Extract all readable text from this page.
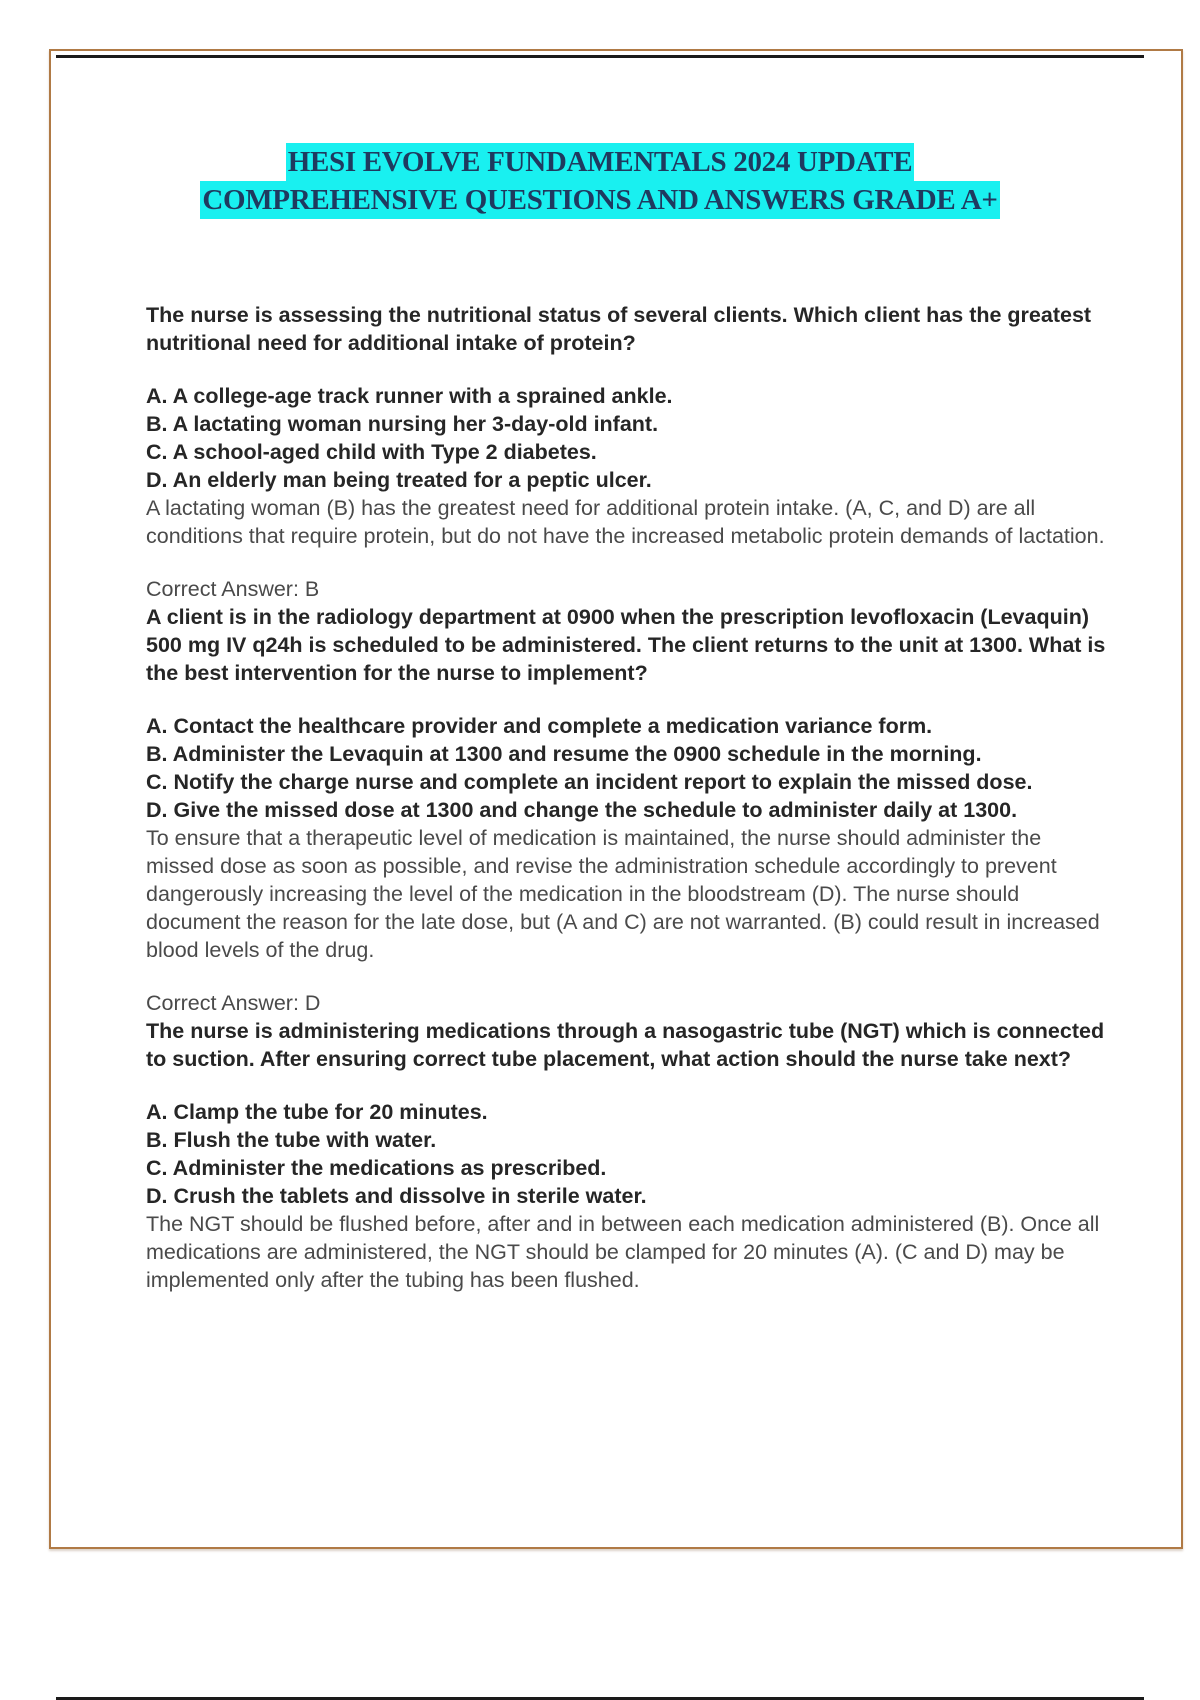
HESI EVOLVE FUNDAMENTALS 2024 UPDATE
COMPREHENSIVE QUESTIONS AND ANSWERS GRADE A+

The nurse is assessing the nutritional status of several clients. Which client has the greatest nutritional need for additional intake of protein?

A. A college-age track runner with a sprained ankle.

B. A lactating woman nursing her 3-day-old infant.

C. A school-aged child with Type 2 diabetes.

D. An elderly man being treated for a peptic ulcer.

A lactating woman (B) has the greatest need for additional protein intake. (A, C, and D) are all conditions that require protein, but do not have the increased metabolic protein demands of lactation.

Correct Answer: B

A client is in the radiology department at 0900 when the prescription levofloxacin (Levaquin) 500 mg IV q24h is scheduled to be administered. The client returns to the unit at 1300. What is the best intervention for the nurse to implement?

A. Contact the healthcare provider and complete a medication variance form.

B. Administer the Levaquin at 1300 and resume the 0900 schedule in the morning.

C. Notify the charge nurse and complete an incident report to explain the missed dose.

D. Give the missed dose at 1300 and change the schedule to administer daily at 1300.

To ensure that a therapeutic level of medication is maintained, the nurse should administer the missed dose as soon as possible, and revise the administration schedule accordingly to prevent dangerously increasing the level of the medication in the bloodstream (D). The nurse should document the reason for the late dose, but (A and C) are not warranted. (B) could result in increased blood levels of the drug.

Correct Answer: D

The nurse is administering medications through a nasogastric tube (NGT) which is connected to suction. After ensuring correct tube placement, what action should the nurse take next?

A. Clamp the tube for 20 minutes.

B. Flush the tube with water.

C. Administer the medications as prescribed.

D. Crush the tablets and dissolve in sterile water.

The NGT should be flushed before, after and in between each medication administered (B). Once all medications are administered, the NGT should be clamped for 20 minutes (A). (C and D) may be implemented only after the tubing has been flushed.
